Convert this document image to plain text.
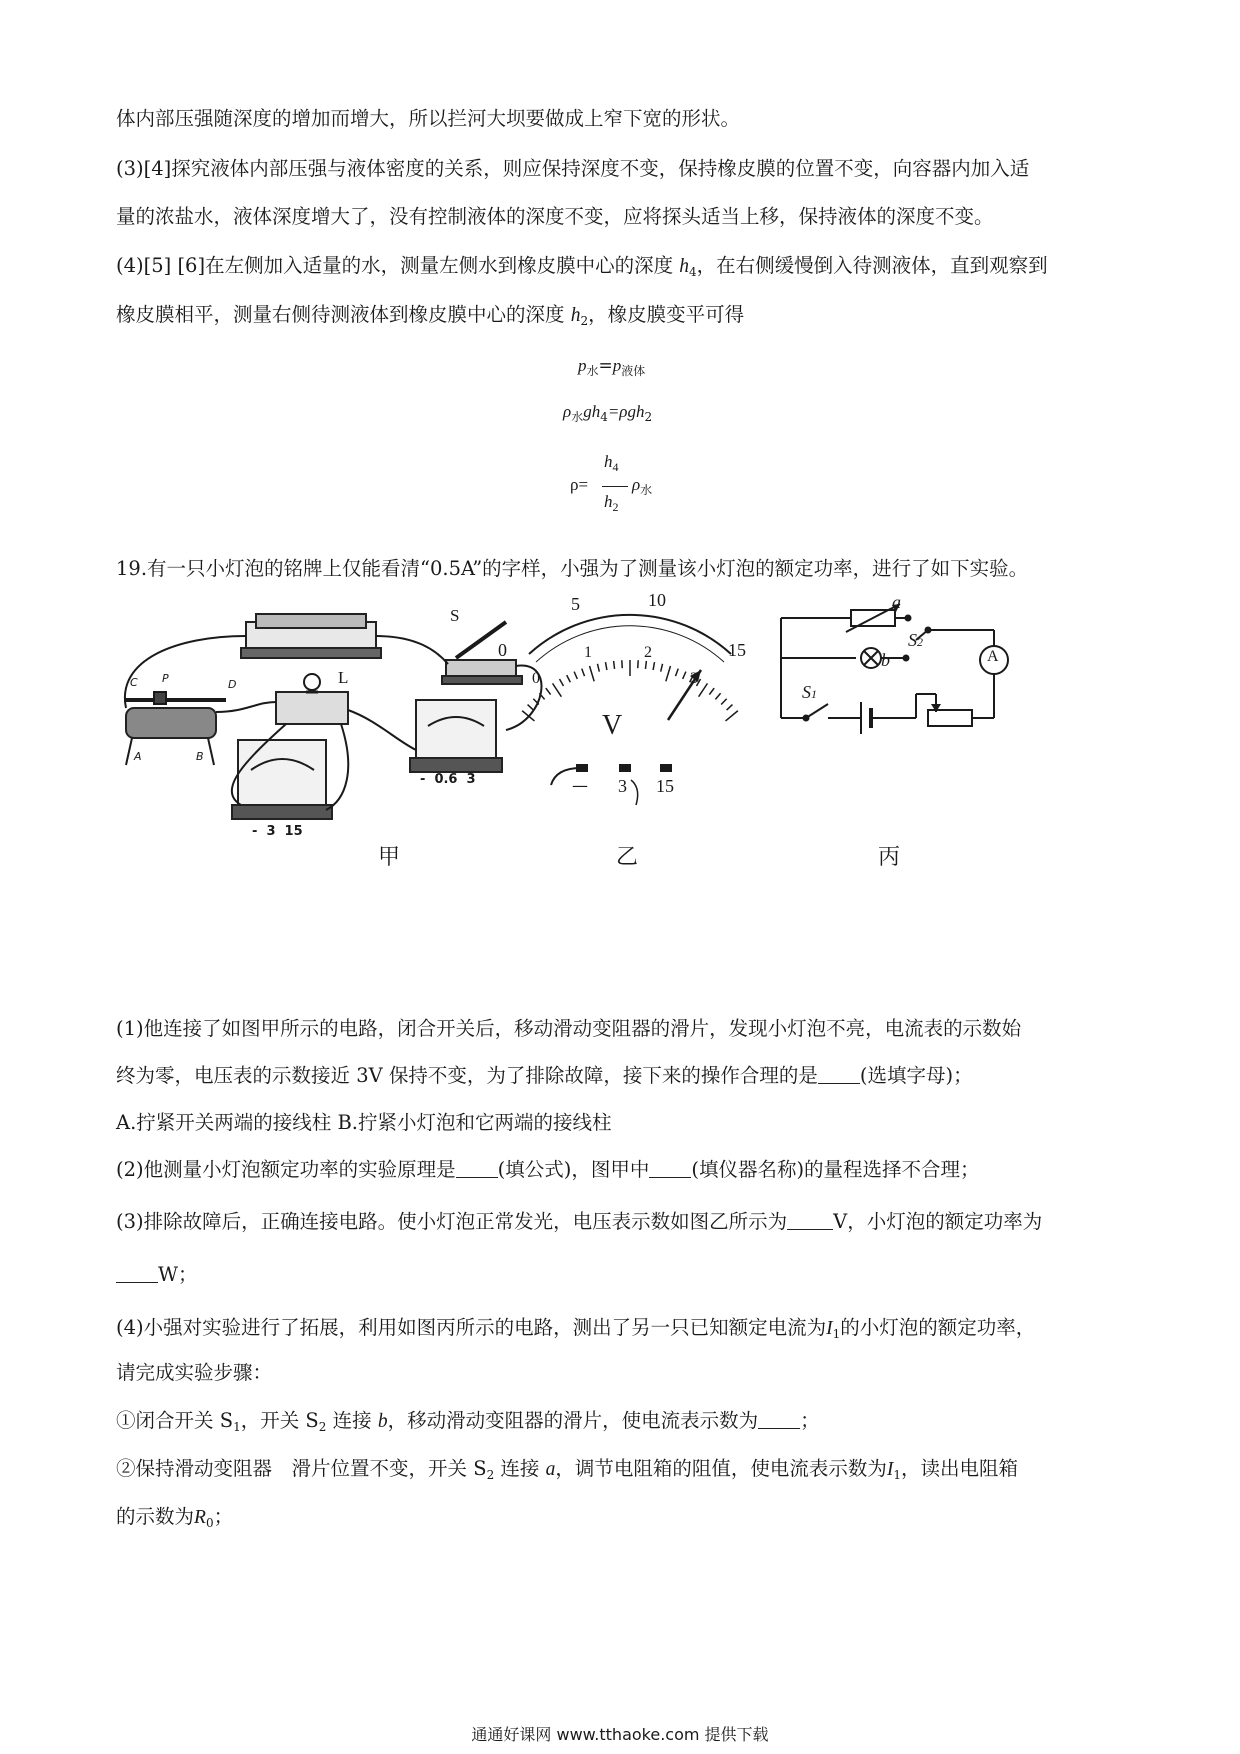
体内部压强随深度的增加而增大，所以拦河大坝要做成上窄下宽的形状。
(3)[4]探究液体内部压强与液体密度的关系，则应保持深度不变，保持橡皮膜的位置不变，向容器内加入适
量的浓盐水，液体深度增大了，没有控制液体的深度不变，应将探头适当上移，保持液体的深度不变。
(4)[5] [6]在左侧加入适量的水，测量左侧水到橡皮膜中心的深度 $h_4$，在右侧缓慢倒入待测液体，直到观察到
橡皮膜相平，测量右侧待测液体到橡皮膜中心的深度 $h_2$，橡皮膜变平可得
$p_水=p_{液体}$
$\rho_水gh_4=\rho gh_2$
ρ=
$h_4$
$h_2$
$\rho_水$
19.有一只小灯泡的铭牌上仅能看清“0.5A”的字样，小强为了测量该小灯泡的额定功率，进行了如下实验。
S
L
C P	D
A	B
-  0.6  3
-  3  15
甲
0
5	10
15
0
1	2
3
V
— 3 15
乙
a
b
S2
S1
A
丙
(1)他连接了如图甲所示的电路，闭合开关后，移动滑动变阻器的滑片，发现小灯泡不亮，电流表的示数始
终为零，电压表的示数接近 3V 保持不变，为了排除故障，接下来的操作合理的是 (选填字母)；
A.拧紧开关两端的接线柱 B.拧紧小灯泡和它两端的接线柱
(2)他测量小灯泡额定功率的实验原理是 (填公式)，图甲中 (填仪器名称)的量程选择不合理；
(3)排除故障后，正确连接电路。使小灯泡正常发光，电压表示数如图乙所示为 V，小灯泡的额定功率为
W；
(4)小强对实验进行了拓展，利用如图丙所示的电路，测出了另一只已知额定电流为$I_1$的小灯泡的额定功率，
请完成实验步骤：
①闭合开关 $S_1$，开关 $S_2$ 连接 b，移动滑动变阻器的滑片，使电流表示数为 ；
②保持滑动变阻器　滑片位置不变，开关 $S_2$ 连接 a，调节电阻箱的阻值，使电流表示数为$I_1$，读出电阻箱
的示数为$R_0$；
通通好课网 www.tthaoke.com 提供下载
